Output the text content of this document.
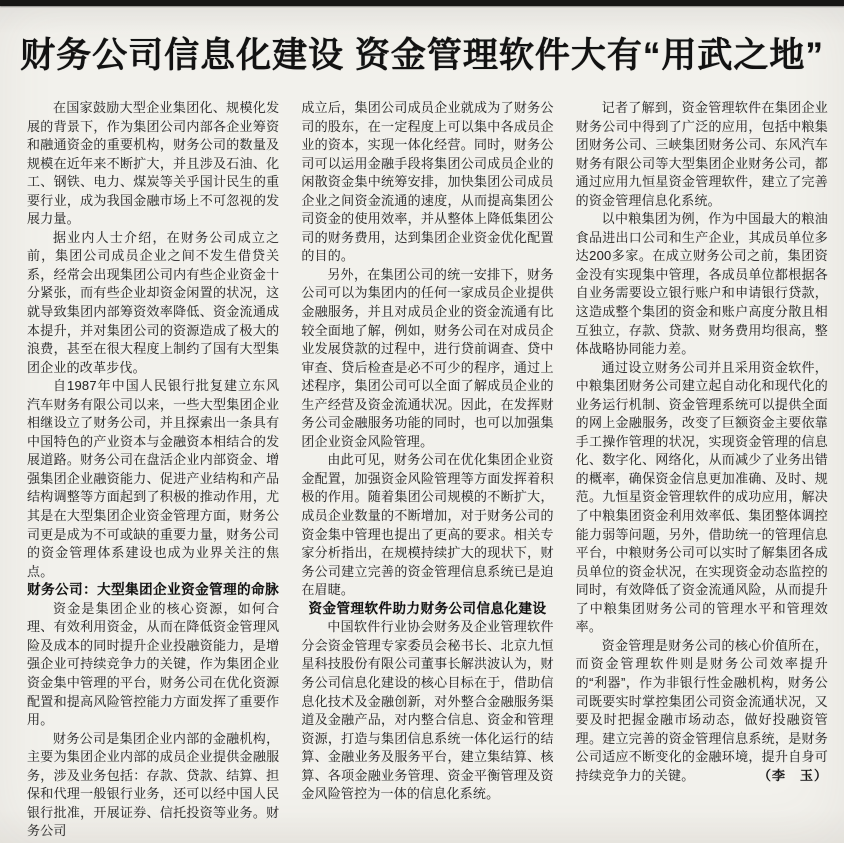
财务公司信息化建设 资金管理软件大有“用武之地”

在国家鼓励大型企业集团化、规模化发展的背景下，作为集团公司内部各企业筹资和融通资金的重要机构，财务公司的数量及规模在近年来不断扩大，并且涉及石油、化工、钢铁、电力、煤炭等关乎国计民生的重要行业，成为我国金融市场上不可忽视的发展力量。

据业内人士介绍，在财务公司成立之前，集团公司成员企业之间不发生借贷关系，经常会出现集团公司内有些企业资金十分紧张，而有些企业却资金闲置的状况，这就导致集团内部筹资效率降低、资金流通成本提升，并对集团公司的资源造成了极大的浪费，甚至在很大程度上制约了国有大型集团企业的改革步伐。

自1987年中国人民银行批复建立东风汽车财务有限公司以来，一些大型集团企业相继设立了财务公司，并且探索出一条具有中国特色的产业资本与金融资本相结合的发展道路。财务公司在盘活企业内部资金、增强集团企业融资能力、促进产业结构和产品结构调整等方面起到了积极的推动作用，尤其是在大型集团企业资金管理方面，财务公司更是成为不可或缺的重要力量，财务公司的资金管理体系建设也成为业界关注的焦点。

财务公司：大型集团企业资金管理的命脉

资金是集团企业的核心资源，如何合理、有效利用资金，从而在降低资金管理风险及成本的同时提升企业投融资能力，是增强企业可持续竞争力的关键，作为集团企业资金集中管理的平台，财务公司在优化资源配置和提高风险管控能力方面发挥了重要作用。

财务公司是集团企业内部的金融机构，主要为集团企业内部的成员企业提供金融服务，涉及业务包括：存款、贷款、结算、担保和代理一般银行业务，还可以经中国人民银行批准，开展证券、信托投资等业务。财务公司

成立后，集团公司成员企业就成为了财务公司的股东，在一定程度上可以集中各成员企业的资本，实现一体化经营。同时，财务公司可以运用金融手段将集团公司成员企业的闲散资金集中统筹安排，加快集团公司成员企业之间资金流通的速度，从而提高集团公司资金的使用效率，并从整体上降低集团公司的财务费用，达到集团企业资金优化配置的目的。

另外，在集团公司的统一安排下，财务公司可以为集团内的任何一家成员企业提供金融服务，并且对成员企业的资金流通有比较全面地了解，例如，财务公司在对成员企业发展贷款的过程中，进行贷前调查、贷中审查、贷后检查是必不可少的程序，通过上述程序，集团公司可以全面了解成员企业的生产经营及资金流通状况。因此，在发挥财务公司金融服务功能的同时，也可以加强集团企业资金风险管理。

由此可见，财务公司在优化集团企业资金配置，加强资金风险管理等方面发挥着积极的作用。随着集团公司规模的不断扩大，成员企业数量的不断增加，对于财务公司的资金集中管理也提出了更高的要求。相关专家分析指出，在规模持续扩大的现状下，财务公司建立完善的资金管理信息系统已是迫在眉睫。

资金管理软件助力财务公司信息化建设

中国软件行业协会财务及企业管理软件分会资金管理专家委员会秘书长、北京九恒星科技股份有限公司董事长解洪波认为，财务公司信息化建设的核心目标在于，借助信息化技术及金融创新，对外整合金融服务渠道及金融产品，对内整合信息、资金和管理资源，打造与集团信息系统一体化运行的结算、金融业务及服务平台，建立集结算、核算、各项金融业务管理、资金平衡管理及资金风险管控为一体的信息化系统。

记者了解到，资金管理软件在集团企业财务公司中得到了广泛的应用，包括中粮集团财务公司、三峡集团财务公司、东风汽车财务有限公司等大型集团企业财务公司，都通过应用九恒星资金管理软件，建立了完善的资金管理信息化系统。

以中粮集团为例，作为中国最大的粮油食品进出口公司和生产企业，其成员单位多达200多家。在成立财务公司之前，集团资金没有实现集中管理，各成员单位都根据各自业务需要设立银行账户和申请银行贷款，这造成整个集团的资金和账户高度分散且相互独立，存款、贷款、财务费用均很高，整体战略协同能力差。

通过设立财务公司并且采用资金软件，中粮集团财务公司建立起自动化和现代化的业务运行机制、资金管理系统可以提供全面的网上金融服务，改变了巨额资金主要依靠手工操作管理的状况，实现资金管理的信息化、数字化、网络化，从而减少了业务出错的概率，确保资金信息更加准确、及时、规范。九恒星资金管理软件的成功应用，解决了中粮集团资金利用效率低、集团整体调控能力弱等问题，另外，借助统一的管理信息平台，中粮财务公司可以实时了解集团各成员单位的资金状况，在实现资金动态监控的同时，有效降低了资金流通风险，从而提升了中粮集团财务公司的管理水平和管理效率。

资金管理是财务公司的核心价值所在，而资金管理软件则是财务公司效率提升的“利器”，作为非银行性金融机构，财务公司既要实时掌控集团公司资金流通状况，又要及时把握金融市场动态，做好投融资管理。建立完善的资金管理信息系统，是财务公司适应不断变化的金融环境，提升自身可持续竞争力的关键。	（李　玉）
